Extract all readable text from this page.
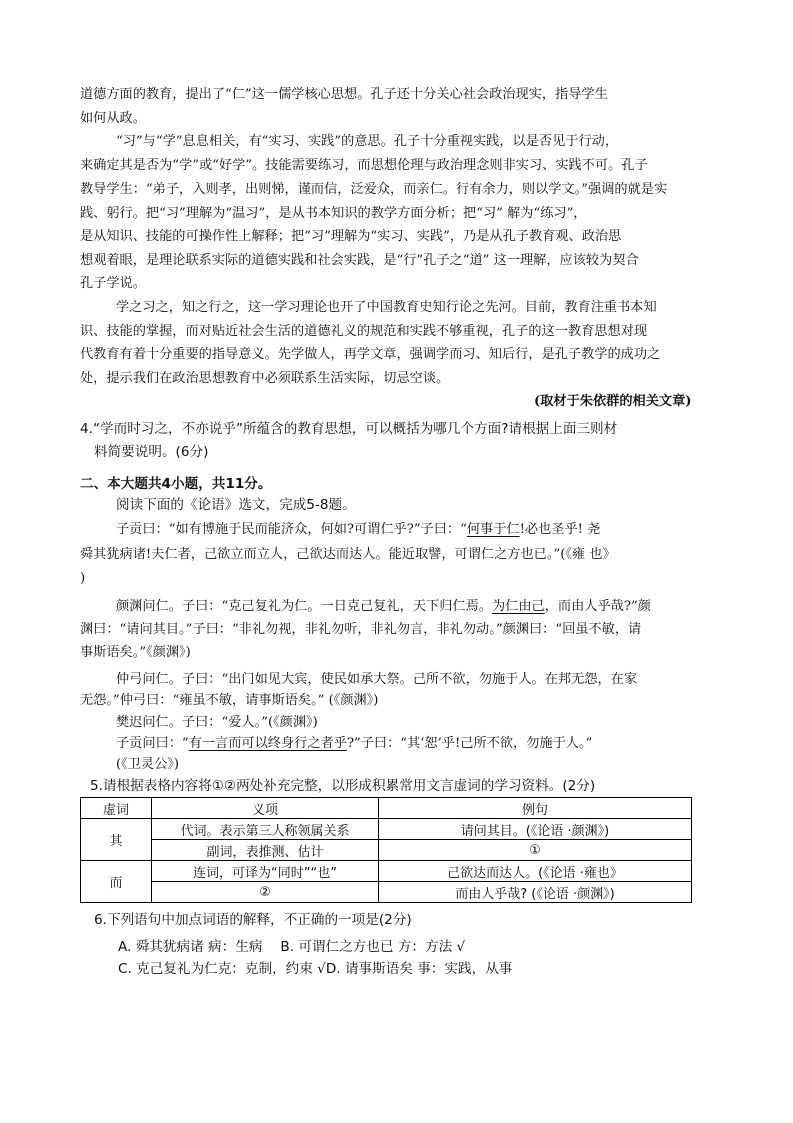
道德方面的教育，提出了“仁”这一儒学核心思想。孔子还十分关心社会政治现实，指导学生
如何从政。
“习”与“学”息息相关，有“实习、实践”的意思。孔子十分重视实践，以是否见于行动，
来确定其是否为“学”或“好学”。技能需要练习，而思想伦理与政治理念则非实习、实践不可。孔子
教导学生：“弟子，入则孝，出则悌，谨而信，泛爱众，而亲仁。行有余力，则以学文。”强调的就是实
践、躬行。把“习”理解为“温习”，是从书本知识的教学方面分析；把“习” 解为“练习”，
是从知识、技能的可操作性上解释；把“习”理解为“实习、实践”，乃是从孔子教育观、政治思
想观着眼，是理论联系实际的道德实践和社会实践，是“行”孔子之“道” 这一理解，应该较为契合
孔子学说。
学之习之，知之行之，这一学习理论也开了中国教育史知行论之先河。目前，教育注重书本知
识、技能的掌握，而对贴近社会生活的道德礼义的规范和实践不够重视，孔子的这一教育思想对现
代教育有着十分重要的指导意义。先学做人，再学文章，强调学而习、知后行，是孔子教学的成功之
处，提示我们在政治思想教育中必须联系生活实际，切忌空谈。
(取材于朱依群的相关文章)
4.“学而时习之，不亦说乎”所蕴含的教育思想，可以概括为哪几个方面?请根据上面三则材
料简要说明。(6分)
二、本大题共4小题，共11分。
阅读下面的《论语》选文，完成5-8题。
子贡曰：“如有博施于民而能济众，何如?可谓仁乎?”子曰：“何事于仁!必也圣乎! 尧
舜其犹病诸!夫仁者，己欲立而立人，己欲达而达人。能近取譬，可谓仁之方也已。”(《雍 也》
)
颜渊问仁。子曰：“克己复礼为仁。一日克己复礼，天下归仁焉。为仁由己，而由人乎哉?”颜
渊曰：“请问其目。”子曰：“非礼勿视，非礼勿听，非礼勿言，非礼勿动。”颜渊曰：“回虽不敏，请
事斯语矣。”《颜渊》)
仲弓问仁。子曰：“出门如见大宾，使民如承大祭。己所不欲，勿施于人。在邦无怨，在家
无怨。”仲弓曰：“雍虽不敏，请事斯语矣。” (《颜渊》)
樊迟问仁。子曰：“爱人。”(《颜渊》)
子贡问曰：“有一言而可以终身行之者乎?”子曰：“其‘恕’乎!己所不欲，勿施于人。”
(《卫灵公》)
5.请根据表格内容将①②两处补充完整，以形成积累常用文言虚词的学习资料。(2分)
虚词	义项	例句
其	代词。表示第三人称领属关系	请问其目。(《论语 ·颜渊》)
	副词，表推测、估计	①
而	连词，可译为“同时”“也”	己欲达而达人。(《论语 ·雍也》
	②	而由人乎哉? (《论语 ·颜渊》)
6.下列语句中加点词语的解释，不正确的一项是(2分)
A. 舜其犹病诸 病：生病 B. 可谓仁之方也已 方：方法 √
C. 克己复礼为仁克：克制，约束 √D. 请事斯语矣 事：实践，从事
